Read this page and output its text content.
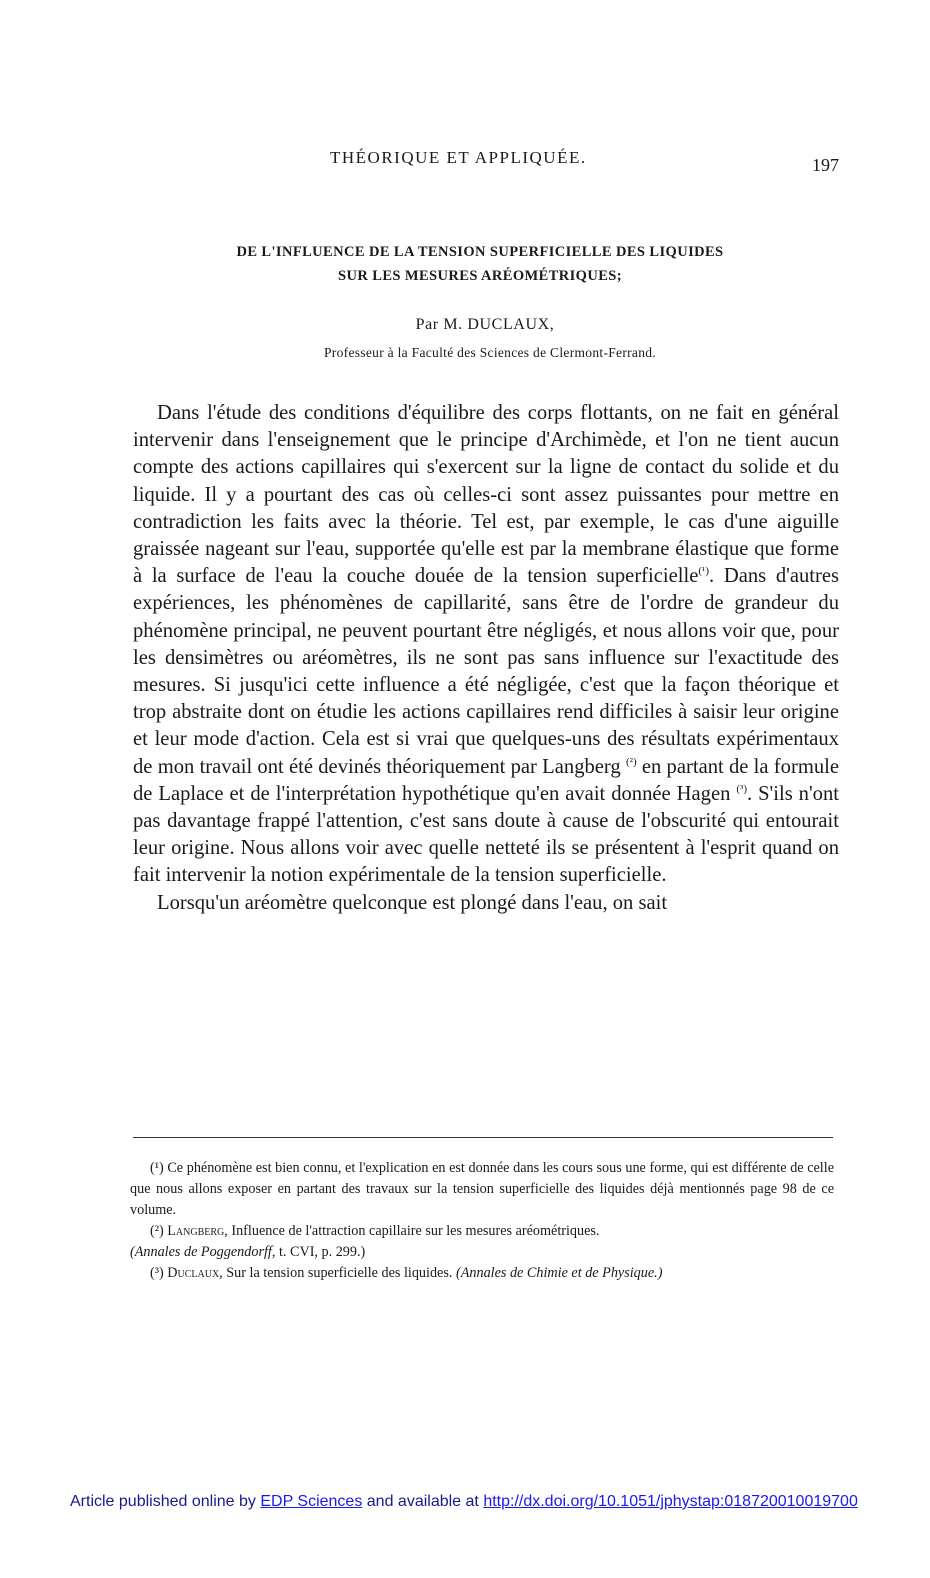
THÉORIQUE ET APPLIQUÉE.	197
DE L'INFLUENCE DE LA TENSION SUPERFICIELLE DES LIQUIDES
SUR LES MESURES ARÉOMÉTRIQUES;
Par M. DUCLAUX,
Professeur à la Faculté des Sciences de Clermont-Ferrand.

Dans l'étude des conditions d'équilibre des corps flottants, on ne fait en général intervenir dans l'enseignement que le principe d'Archimède, et l'on ne tient aucun compte des actions capillaires qui s'exercent sur la ligne de contact du solide et du liquide. Il y a pourtant des cas où celles-ci sont assez puissantes pour mettre en contradiction les faits avec la théorie. Tel est, par exemple, le cas d'une aiguille graissée nageant sur l'eau, supportée qu'elle est par la membrane élastique que forme à la surface de l'eau la couche douée de la tension superficielle$^{(^1)}$. Dans d'autres expériences, les phénomènes de capillarité, sans être de l'ordre de grandeur du phénomène principal, ne peuvent pourtant être négligés, et nous allons voir que, pour les densimètres ou aréomètres, ils ne sont pas sans influence sur l'exactitude des mesures. Si jusqu'ici cette influence a été négligée, c'est que la façon théorique et trop abstraite dont on étudie les actions capillaires rend difficiles à saisir leur origine et leur mode d'action. Cela est si vrai que quelques-uns des résultats expérimentaux de mon travail ont été devinés théoriquement par Langberg $^{(^2)}$ en partant de la formule de Laplace et de l'interprétation hypothétique qu'en avait donnée Hagen $^{(^3)}$. S'ils n'ont pas davantage frappé l'attention, c'est sans doute à cause de l'obscurité qui entourait leur origine. Nous allons voir avec quelle netteté ils se présentent à l'esprit quand on fait intervenir la notion expérimentale de la tension superficielle.

Lorsqu'un aréomètre quelconque est plongé dans l'eau, on sait

(¹) Ce phénomène est bien connu, et l'explication en est donnée dans les cours sous une forme, qui est différente de celle que nous allons exposer en partant des travaux sur la tension superficielle des liquides déjà mentionnés page 98 de ce volume.

(²) Langberg, Influence de l'attraction capillaire sur les mesures aréométriques.
(Annales de Poggendorff, t. CVI, p. 299.)

(³) Duclaux, Sur la tension superficielle des liquides. (Annales de Chimie et de Physique.)

Article published online by EDP Sciences and available at http://dx.doi.org/10.1051/jphystap:018720010019700
